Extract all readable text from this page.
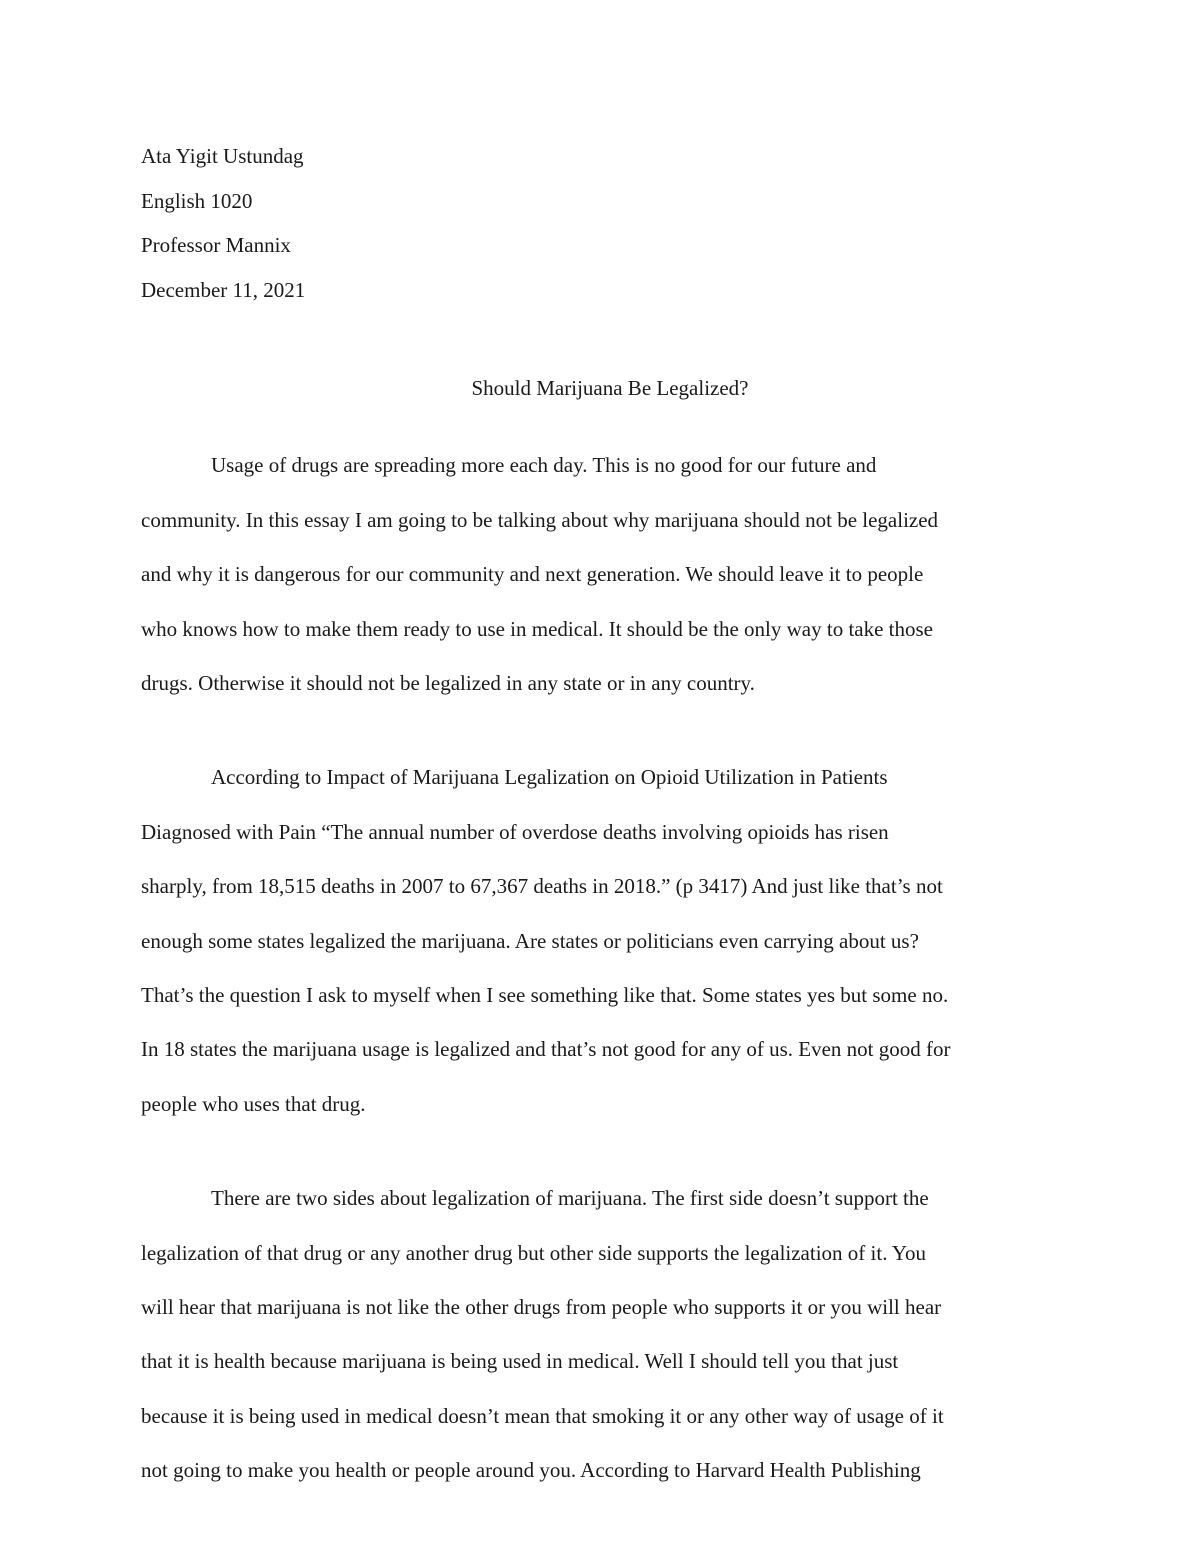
Ata Yigit Ustundag
English 1020
Professor Mannix
December 11, 2021
Should Marijuana Be Legalized?
Usage of drugs are spreading more each day. This is no good for our future and
community. In this essay I am going to be talking about why marijuana should not be legalized
and why it is dangerous for our community and next generation. We should leave it to people
who knows how to make them ready to use in medical. It should be the only way to take those
drugs. Otherwise it should not be legalized in any state or in any country.
According to Impact of Marijuana Legalization on Opioid Utilization in Patients
Diagnosed with Pain “The annual number of overdose deaths involving opioids has risen
sharply, from 18,515 deaths in 2007 to 67,367 deaths in 2018.” (p 3417) And just like that’s not
enough some states legalized the marijuana. Are states or politicians even carrying about us?
That’s the question I ask to myself when I see something like that. Some states yes but some no.
In 18 states the marijuana usage is legalized and that’s not good for any of us. Even not good for
people who uses that drug.
There are two sides about legalization of marijuana. The first side doesn’t support the
legalization of that drug or any another drug but other side supports the legalization of it. You
will hear that marijuana is not like the other drugs from people who supports it or you will hear
that it is health because marijuana is being used in medical. Well I should tell you that just
because it is being used in medical doesn’t mean that smoking it or any other way of usage of it
not going to make you health or people around you. According to Harvard Health Publishing
